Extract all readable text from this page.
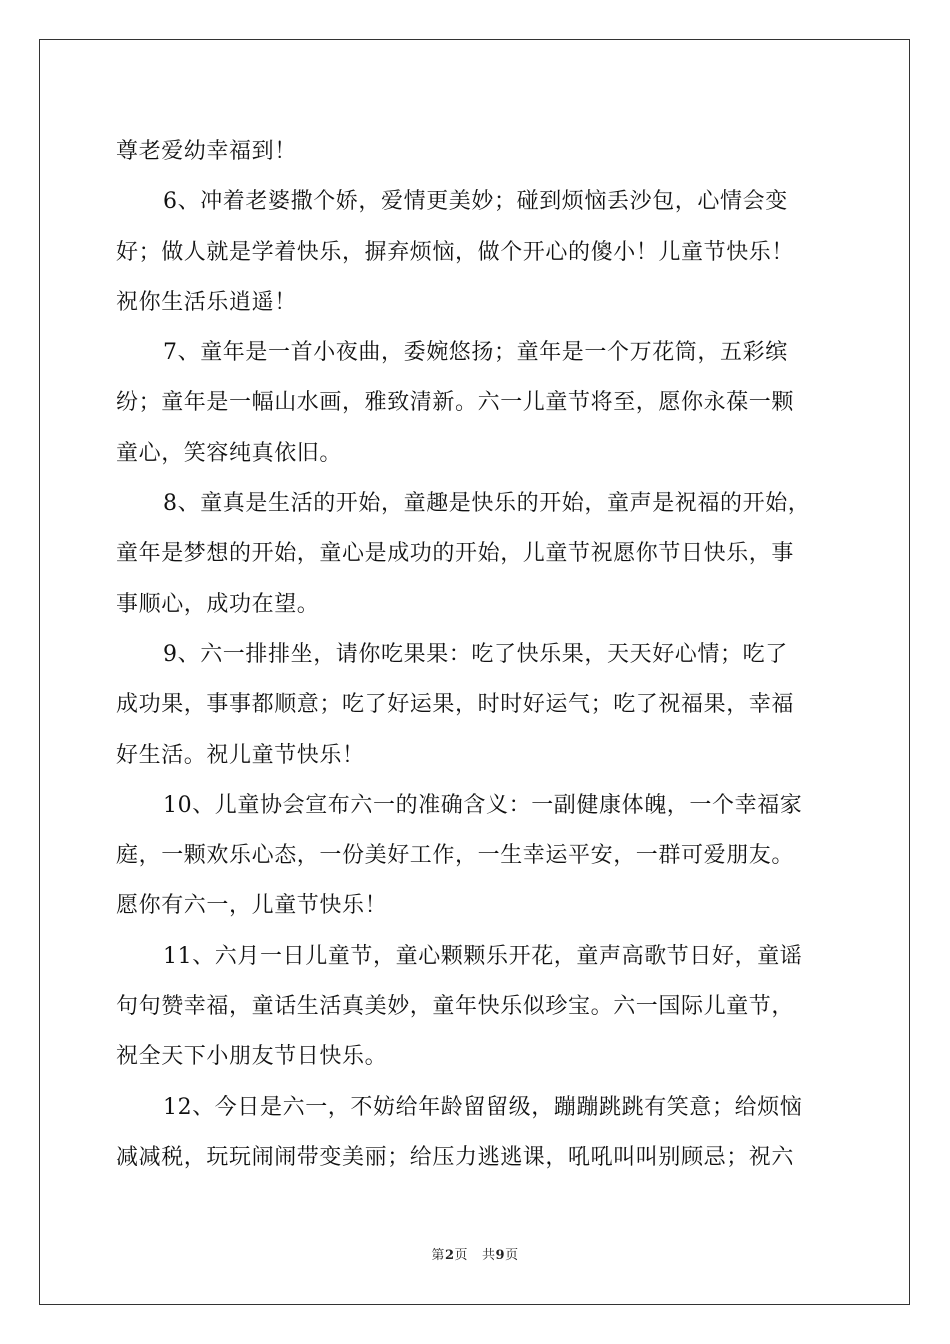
尊老爱幼幸福到！
6、冲着老婆撒个娇，爱情更美妙；碰到烦恼丢沙包，心情会变
好；做人就是学着快乐，摒弃烦恼，做个开心的傻小！儿童节快乐！
祝你生活乐逍遥！
7、童年是一首小夜曲，委婉悠扬；童年是一个万花筒，五彩缤
纷；童年是一幅山水画，雅致清新。六一儿童节将至，愿你永葆一颗
童心，笑容纯真依旧。
8、童真是生活的开始，童趣是快乐的开始，童声是祝福的开始，
童年是梦想的开始，童心是成功的开始，儿童节祝愿你节日快乐，事
事顺心，成功在望。
9、六一排排坐，请你吃果果：吃了快乐果，天天好心情；吃了
成功果，事事都顺意；吃了好运果，时时好运气；吃了祝福果，幸福
好生活。祝儿童节快乐！
10、儿童协会宣布六一的准确含义：一副健康体魄，一个幸福家
庭，一颗欢乐心态，一份美好工作，一生幸运平安，一群可爱朋友。
愿你有六一，儿童节快乐！
11、六月一日儿童节，童心颗颗乐开花，童声高歌节日好，童谣
句句赞幸福，童话生活真美妙，童年快乐似珍宝。六一国际儿童节，
祝全天下小朋友节日快乐。
12、今日是六一，不妨给年龄留留级，蹦蹦跳跳有笑意；给烦恼
减减税，玩玩闹闹带变美丽；给压力逃逃课，吼吼叫叫别顾忌；祝六
第2页 共9页
